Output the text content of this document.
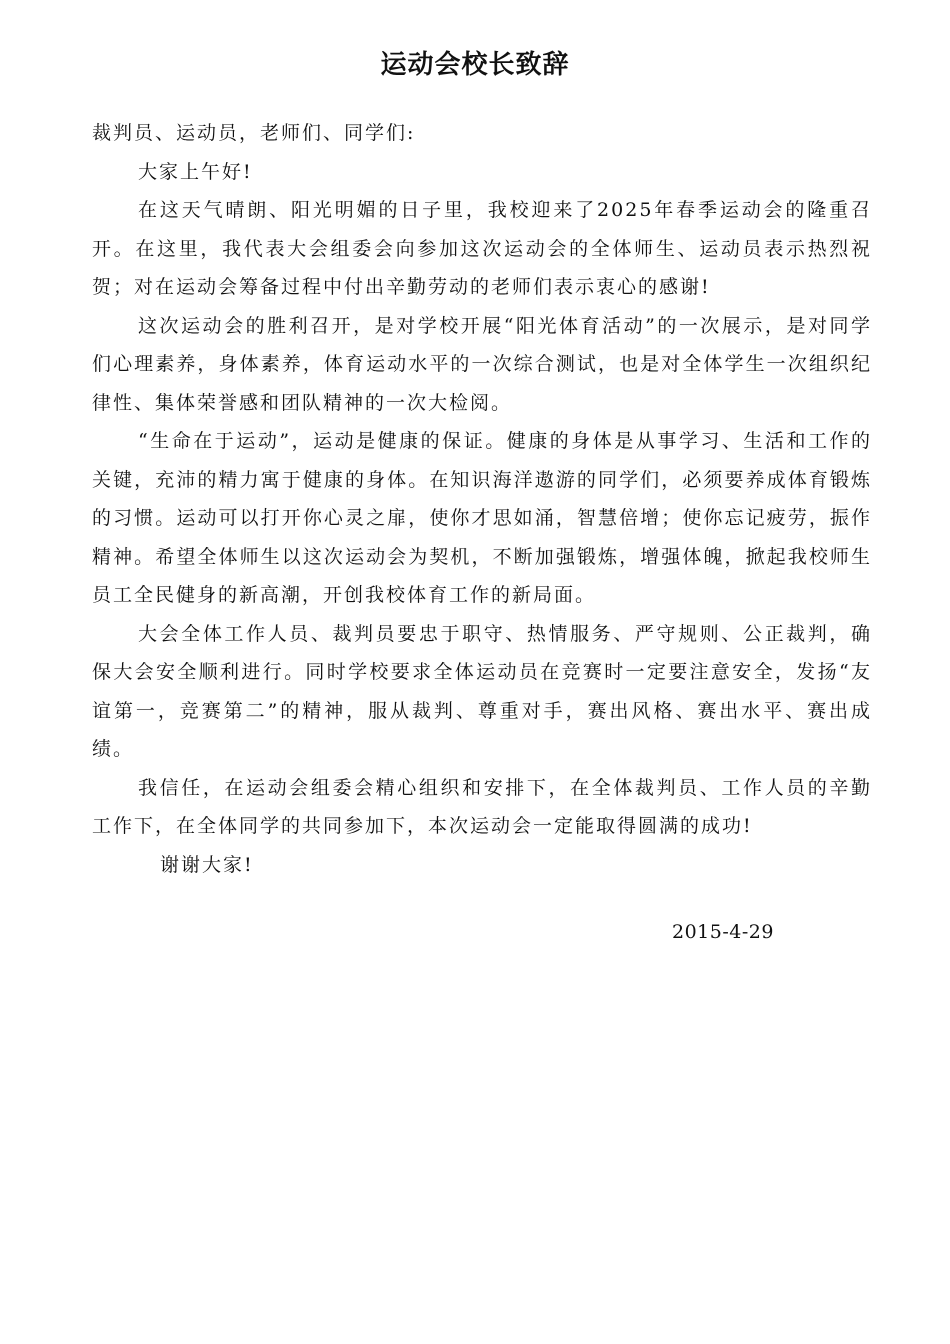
运动会校长致辞

裁判员、运动员，老师们、同学们:

大家上午好!

在这天气晴朗、阳光明媚的日子里，我校迎来了2025年春季运动会的隆重召开。在这里，我代表大会组委会向参加这次运动会的全体师生、运动员表示热烈祝贺；对在运动会筹备过程中付出辛勤劳动的老师们表示衷心的感谢!

这次运动会的胜利召开，是对学校开展“阳光体育活动”的一次展示，是对同学们心理素养，身体素养，体育运动水平的一次综合测试，也是对全体学生一次组织纪律性、集体荣誉感和团队精神的一次大检阅。

“生命在于运动”，运动是健康的保证。健康的身体是从事学习、生活和工作的关键，充沛的精力寓于健康的身体。在知识海洋遨游的同学们，必须要养成体育锻炼的习惯。运动可以打开你心灵之扉，使你才思如涌，智慧倍增；使你忘记疲劳，振作精神。希望全体师生以这次运动会为契机，不断加强锻炼，增强体魄，掀起我校师生员工全民健身的新高潮，开创我校体育工作的新局面。

大会全体工作人员、裁判员要忠于职守、热情服务、严守规则、公正裁判，确保大会安全顺利进行。同时学校要求全体运动员在竞赛时一定要注意安全，发扬“友谊第一，竞赛第二”的精神，服从裁判、尊重对手，赛出风格、赛出水平、赛出成绩。

我信任，在运动会组委会精心组织和安排下，在全体裁判员、工作人员的辛勤工作下，在全体同学的共同参加下，本次运动会一定能取得圆满的成功!

谢谢大家!

2015-4-29
